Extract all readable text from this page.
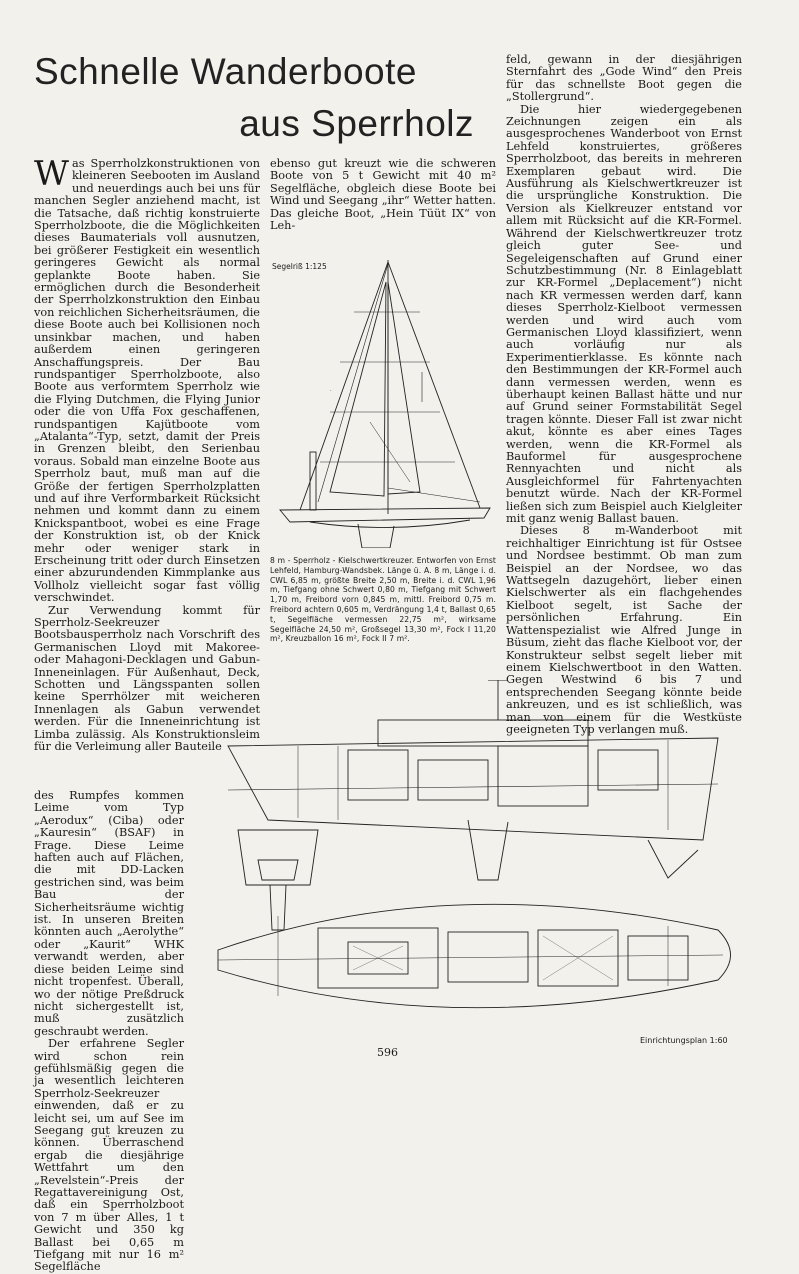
Schnelle Wanderboote
aus Sperrholz

Was Sperrholzkonstruktionen von kleineren Seebooten im Ausland und neuerdings auch bei uns für manchen Segler anziehend macht, ist die Tatsache, daß richtig konstruierte Sperrholzboote, die die Möglichkeiten dieses Baumaterials voll ausnutzen, bei größerer Festigkeit ein wesentlich geringeres Gewicht als normal geplankte Boote haben. Sie ermöglichen durch die Besonderheit der Sperrholzkonstruktion den Einbau von reichlichen Sicherheitsräumen, die diese Boote auch bei Kollisionen noch unsinkbar machen, und haben außerdem einen geringeren Anschaffungspreis. Der Bau rundspantiger Sperrholzboote, also Boote aus verformtem Sperrholz wie die Flying Dutchmen, die Flying Junior oder die von Uffa Fox geschaffenen, rundspantigen Kajütboote vom „Atalanta“-Typ, setzt, damit der Preis in Grenzen bleibt, den Serienbau voraus. Sobald man einzelne Boote aus Sperrholz baut, muß man auf die Größe der fertigen Sperrholzplatten und auf ihre Verformbarkeit Rücksicht nehmen und kommt dann zu einem Knickspantboot, wobei es eine Frage der Konstruktion ist, ob der Knick mehr oder weniger stark in Erscheinung tritt oder durch Einsetzen einer abzurundenden Kimmplanke aus Vollholz vielleicht sogar fast völlig verschwindet.

Zur Verwendung kommt für Sperrholz-Seekreuzer Bootsbausperrholz nach Vorschrift des Germanischen Lloyd mit Makoree- oder Mahagoni-Decklagen und Gabun-Inneneinlagen. Für Außenhaut, Deck, Schotten und Längsspanten sollen keine Sperrhölzer mit weicheren Innenlagen als Gabun verwendet werden. Für die Inneneinrichtung ist Limba zulässig. Als Konstruktionsleim für die Verleimung aller Bauteile

des Rumpfes kommen Leime vom Typ „Aerodux“ (Ciba) oder „Kauresin“ (BSAF) in Frage. Diese Leime haften auch auf Flächen, die mit DD-Lacken gestrichen sind, was beim Bau der Sicherheitsräume wichtig ist. In unseren Breiten könnten auch „Aerolythe“ oder „Kaurit“ WHK verwandt werden, aber diese beiden Leime sind nicht tropenfest. Überall, wo der nötige Preßdruck nicht sichergestellt ist, muß zusätzlich geschraubt werden.

Der erfahrene Segler wird schon rein gefühlsmäßig gegen die ja wesentlich leichteren Sperrholz-Seekreuzer einwenden, daß er zu leicht sei, um auf See im Seegang gut kreuzen zu können. Überraschend ergab die diesjährige Wettfahrt um den „Revelstein“-Preis der Regattavereinigung Ost, daß ein Sperrholzboot von 7 m über Alles, 1 t Gewicht und 350 kg Ballast bei 0,65 m Tiefgang mit nur 16 m² Segelfläche

ebenso gut kreuzt wie die schweren Boote von 5 t Gewicht mit 40 m² Segelfläche, obgleich diese Boote bei Wind und Seegang „ihr“ Wetter hatten. Das gleiche Boot, „Hein Tüüt IX“ von Leh-

Segelriß 1:125
·
8 m - Sperrholz - Kielschwertkreuzer. Entworfen von Ernst Lehfeld, Hamburg-Wandsbek. Länge ü. A. 8 m, Länge i. d. CWL 6,85 m, größte Breite 2,50 m, Breite i. d. CWL 1,96 m, Tiefgang ohne Schwert 0,80 m, Tiefgang mit Schwert 1,70 m, Freibord vorn 0,845 m, mittl. Freibord 0,75 m. Freibord achtern 0,605 m, Verdrängung 1,4 t, Ballast 0,65 t, Segelfläche vermessen 22,75 m², wirksame Segelfläche 24,50 m², Großsegel 13,30 m², Fock I 11,20 m², Kreuzballon 16 m², Fock II 7 m².

feld, gewann in der diesjährigen Sternfahrt des „Gode Wind“ den Preis für das schnellste Boot gegen die „Stollergrund“.

Die hier wiedergegebenen Zeichnungen zeigen ein als ausgesprochenes Wanderboot von Ernst Lehfeld konstruiertes, größeres Sperrholzboot, das bereits in mehreren Exemplaren gebaut wird. Die Ausführung als Kielschwertkreuzer ist die ursprüngliche Konstruktion. Die Version als Kielkreuzer entstand vor allem mit Rücksicht auf die KR-Formel. Während der Kielschwertkreuzer trotz gleich guter See- und Segeleigenschaften auf Grund einer Schutzbestimmung (Nr. 8 Einlageblatt zur KR-Formel „Deplacement“) nicht nach KR vermessen werden darf, kann dieses Sperrholz-Kielboot vermessen werden und wird auch vom Germanischen Lloyd klassifiziert, wenn auch vorläufig nur als Experimentierklasse. Es könnte nach den Bestimmungen der KR-Formel auch dann vermessen werden, wenn es überhaupt keinen Ballast hätte und nur auf Grund seiner Formstabilität Segel tragen könnte. Dieser Fall ist zwar nicht akut, könnte es aber eines Tages werden, wenn die KR-Formel als Bauformel für ausgesprochene Rennyachten und nicht als Ausgleichformel für Fahrtenyachten benutzt würde. Nach der KR-Formel ließen sich zum Beispiel auch Kielgleiter mit ganz wenig Ballast bauen.

Dieses 8 m-Wanderboot mit reichhaltiger Einrichtung ist für Ostsee und Nordsee bestimmt. Ob man zum Beispiel an der Nordsee, wo das Wattsegeln dazugehört, lieber einen Kielschwerter als ein flachgehendes Kielboot segelt, ist Sache der persönlichen Erfahrung. Ein Wattenspezialist wie Alfred Junge in Büsum, zieht das flache Kielboot vor, der Konstrukteur selbst segelt lieber mit einem Kielschwertboot in den Watten. Gegen Westwind 6 bis 7 und entsprechenden Seegang könnte beide ankreuzen, und es ist schließlich, was man von einem für die Westküste geeigneten Typ verlangen muß.

Einrichtungsplan 1:60
596
